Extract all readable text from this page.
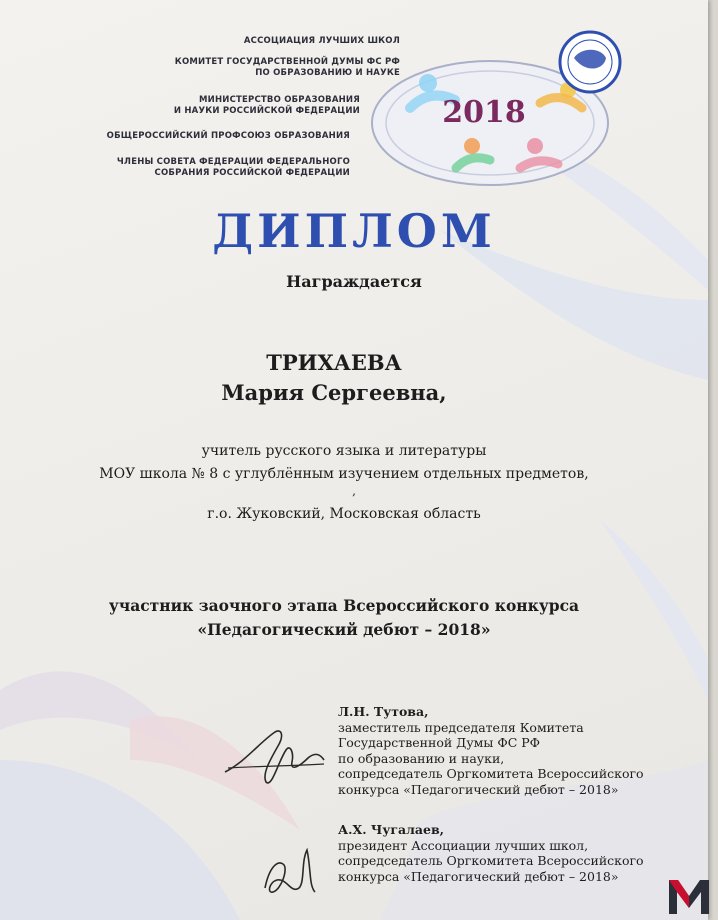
АССОЦИАЦИЯ ЛУЧШИХ ШКОЛ
КОМИТЕТ ГОСУДАРСТВЕННОЙ ДУМЫ ФС РФ
ПО ОБРАЗОВАНИЮ И НАУКЕ
МИНИСТЕРСТВО ОБРАЗОВАНИЯ
И НАУКИ РОССИЙСКОЙ ФЕДЕРАЦИИ
ОБЩЕРОССИЙСКИЙ ПРОФСОЮЗ ОБРАЗОВАНИЯ
ЧЛЕНЫ СОВЕТА ФЕДЕРАЦИИ ФЕДЕРАЛЬНОГО
СОБРАНИЯ РОССИЙСКОЙ ФЕДЕРАЦИИ
2018
ДИПЛОМ
Награждается
ТРИХАЕВА
Мария Сергеевна,
учитель русского языка и литературы
МОУ школа № 8 с углублённым изучением отдельных предметов,
,
г.о. Жуковский, Московская область
участник заочного этапа Всероссийского конкурса
«Педагогический дебют – 2018»
Л.Н. Тутова,
заместитель председателя Комитета
Государственной Думы ФС РФ
по образованию и науки,
сопредседатель Оргкомитета Всероссийского
конкурса «Педагогический дебют – 2018»
А.Х. Чугалаев,
президент Ассоциации лучших школ,
сопредседатель Оргкомитета Всероссийского
конкурса «Педагогический дебют – 2018»
